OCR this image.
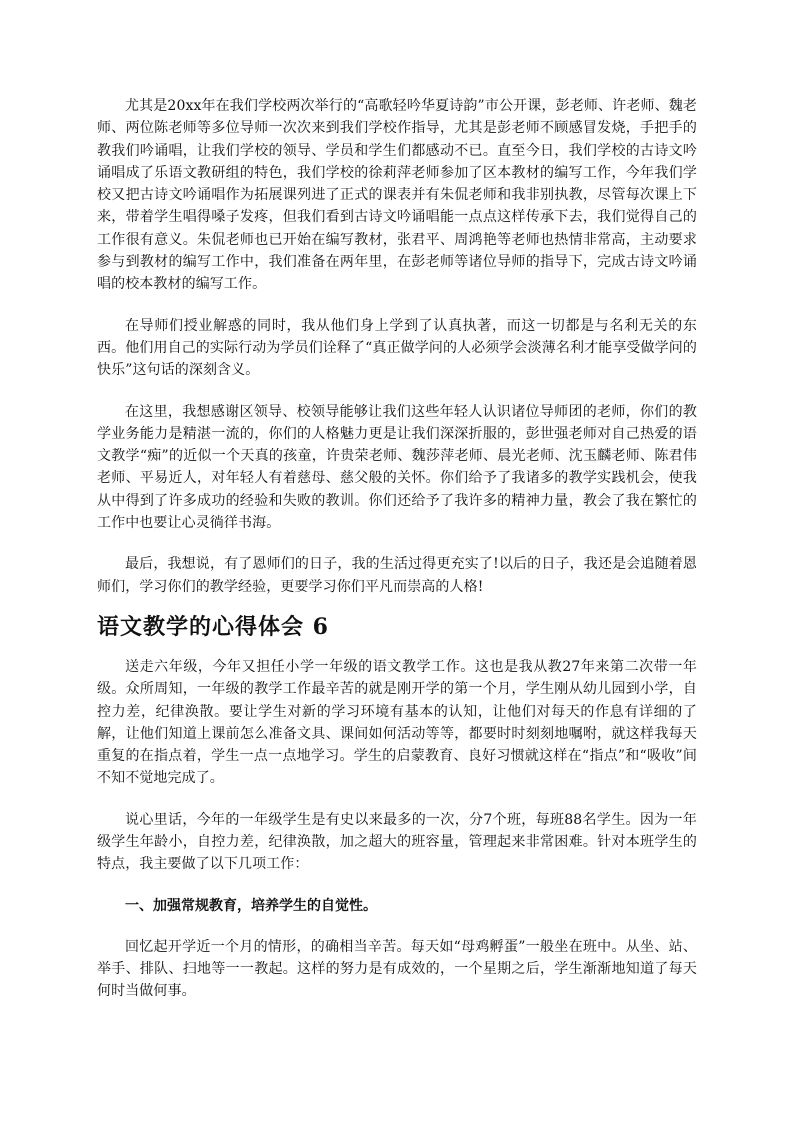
尤其是20xx年在我们学校两次举行的“高歌轻吟华夏诗韵”市公开课，彭老师、许老师、魏老师、两位陈老师等多位导师一次次来到我们学校作指导，尤其是彭老师不顾感冒发烧，手把手的教我们吟诵唱，让我们学校的领导、学员和学生们都感动不已。直至今日，我们学校的古诗文吟诵唱成了乐语文教研组的特色，我们学校的徐莉萍老师参加了区本教材的编写工作，今年我们学校又把古诗文吟诵唱作为拓展课列进了正式的课表并有朱侃老师和我非别执教，尽管每次课上下来，带着学生唱得嗓子发疼，但我们看到古诗文吟诵唱能一点点这样传承下去，我们觉得自己的工作很有意义。朱侃老师也已开始在编写教材，张君平、周鸿艳等老师也热情非常高，主动要求参与到教材的编写工作中，我们准备在两年里，在彭老师等诸位导师的指导下，完成古诗文吟诵唱的校本教材的编写工作。

在导师们授业解惑的同时，我从他们身上学到了认真执著，而这一切都是与名利无关的东西。他们用自己的实际行动为学员们诠释了“真正做学问的人必须学会淡薄名利才能享受做学问的快乐”这句话的深刻含义。

在这里，我想感谢区领导、校领导能够让我们这些年轻人认识诸位导师团的老师，你们的教学业务能力是精湛一流的，你们的人格魅力更是让我们深深折服的，彭世强老师对自己热爱的语文教学“痴”的近似一个天真的孩童，许贵荣老师、魏莎萍老师、晨光老师、沈玉麟老师、陈君伟老师、平易近人，对年轻人有着慈母、慈父般的关怀。你们给予了我诸多的教学实践机会，使我从中得到了许多成功的经验和失败的教训。你们还给予了我许多的精神力量，教会了我在繁忙的工作中也要让心灵徜徉书海。

最后，我想说，有了恩师们的日子，我的生活过得更充实了!以后的日子，我还是会追随着恩师们，学习你们的教学经验，更要学习你们平凡而崇高的人格!

语文教学的心得体会 6

送走六年级，今年又担任小学一年级的语文教学工作。这也是我从教27年来第二次带一年级。众所周知，一年级的教学工作最辛苦的就是刚开学的第一个月，学生刚从幼儿园到小学，自控力差，纪律涣散。要让学生对新的学习环境有基本的认知，让他们对每天的作息有详细的了解，让他们知道上课前怎么准备文具、课间如何活动等等，都要时时刻刻地嘱咐，就这样我每天重复的在指点着，学生一点一点地学习。学生的启蒙教育、良好习惯就这样在“指点”和“吸收”间不知不觉地完成了。

说心里话，今年的一年级学生是有史以来最多的一次，分7个班，每班88名学生。因为一年级学生年龄小，自控力差，纪律涣散，加之超大的班容量，管理起来非常困难。针对本班学生的特点，我主要做了以下几项工作：

一、加强常规教育，培养学生的自觉性。

回忆起开学近一个月的情形，的确相当辛苦。每天如“母鸡孵蛋”一般坐在班中。从坐、站、举手、排队、扫地等一一教起。这样的努力是有成效的，一个星期之后，学生渐渐地知道了每天何时当做何事。
